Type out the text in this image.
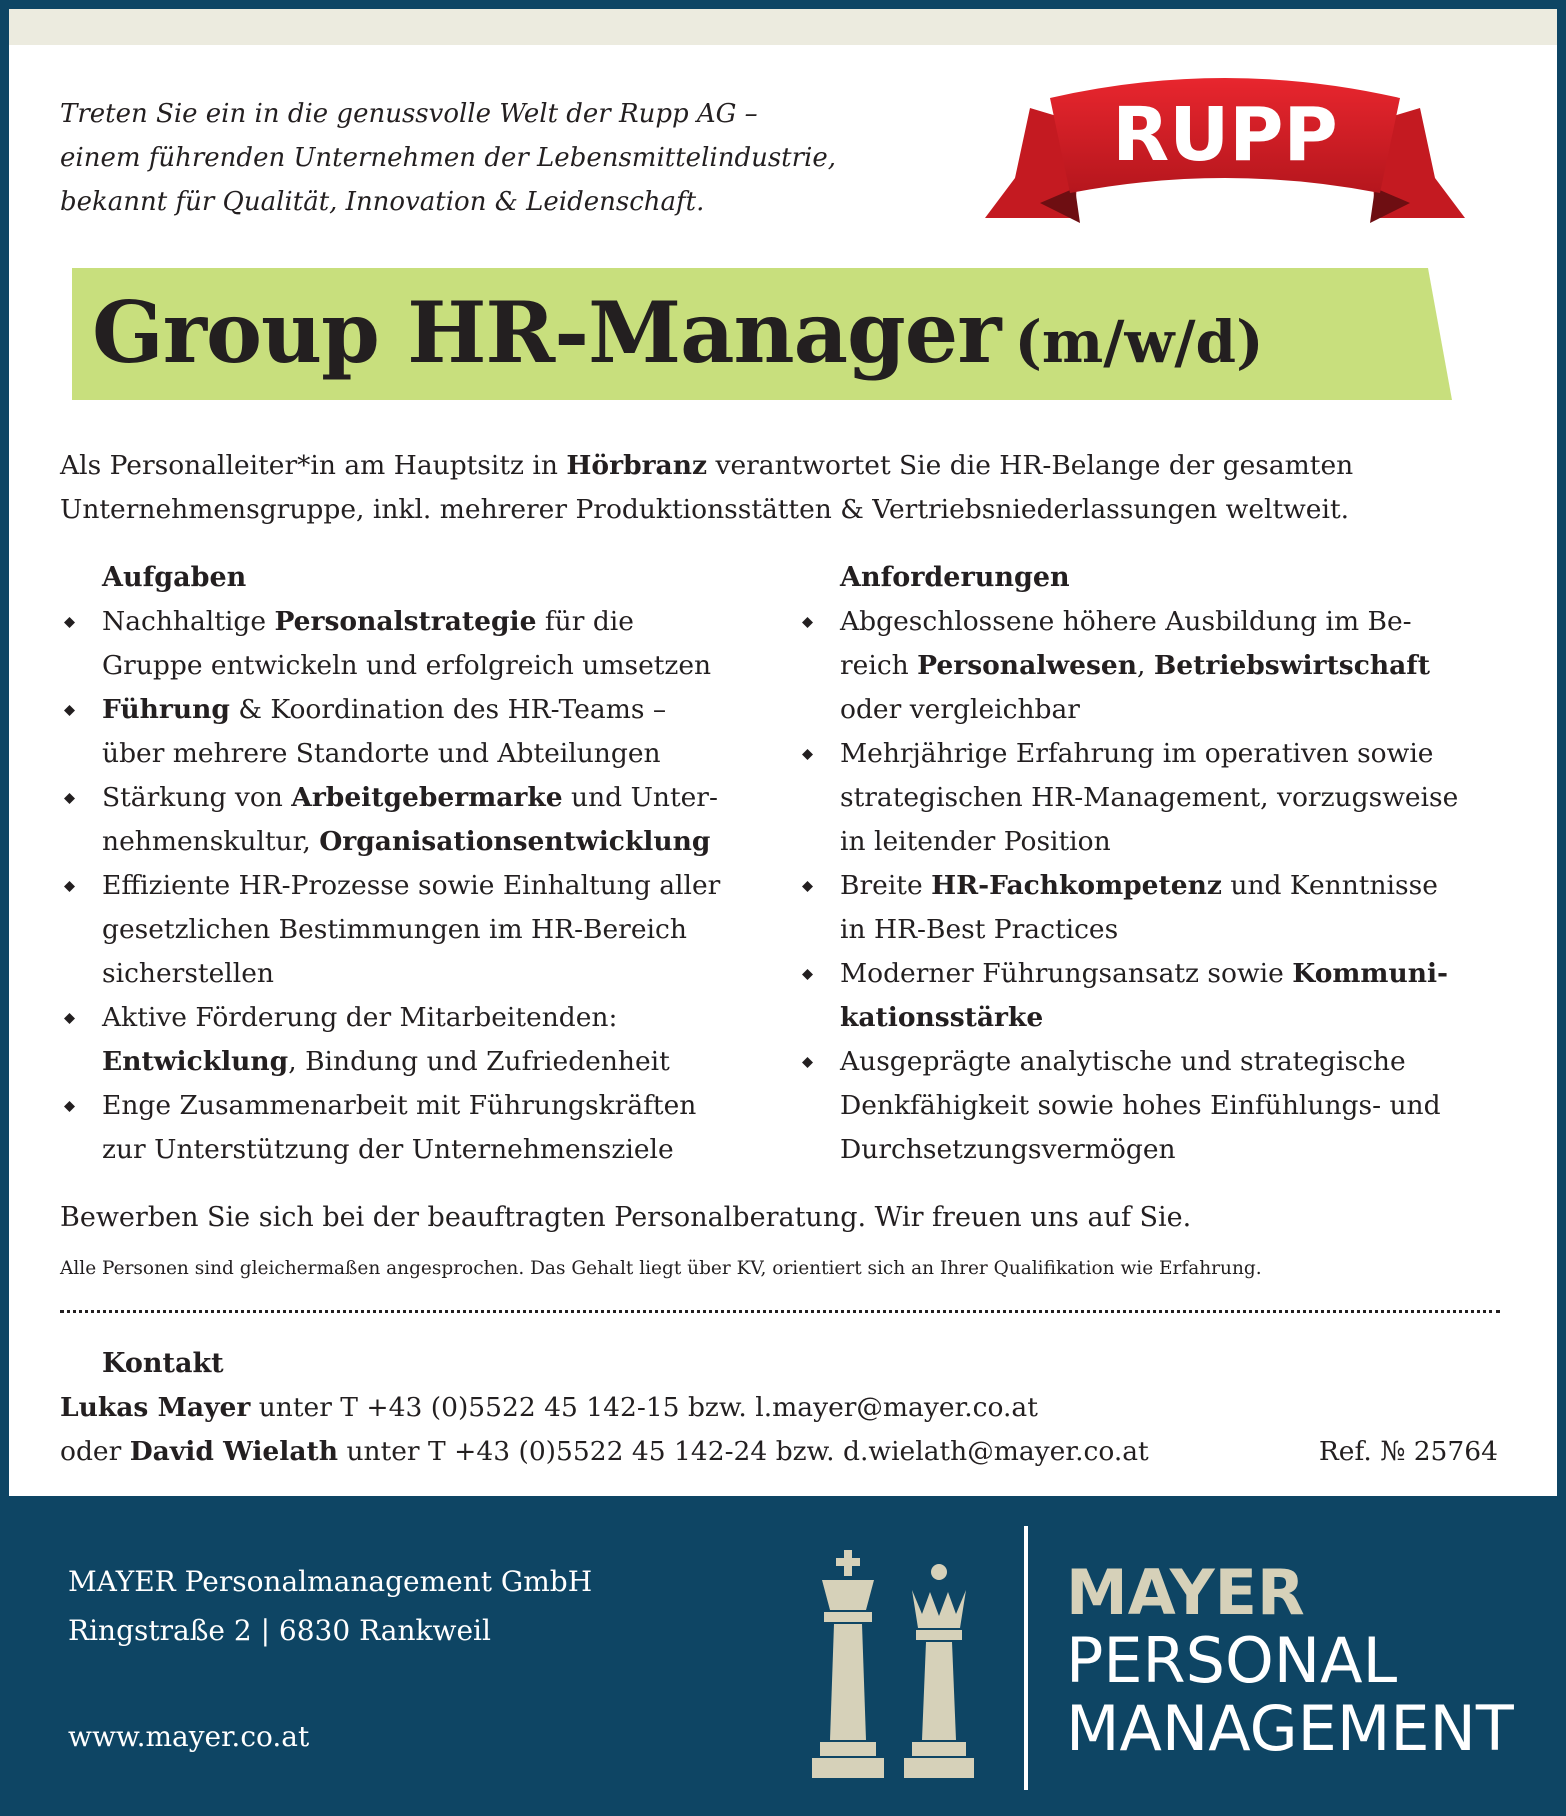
Treten Sie ein in die genussvolle Welt der Rupp AG –
einem führenden Unternehmen der Lebensmittelindustrie,
bekannt für Qualität, Innovation & Leidenschaft.
RUPP
Group HR-Manager (m/w/d)
Als Personalleiter*in am Hauptsitz in Hörbranz verantwortet Sie die HR-Belange der gesamten
Unternehmensgruppe, inkl. mehrerer Produktionsstätten & Vertriebsniederlassungen weltweit.
Aufgaben
Nachhaltige Personalstrategie für die
Gruppe entwickeln und erfolgreich umsetzen
Führung & Koordination des HR-Teams –
über mehrere Standorte und Abteilungen
Stärkung von Arbeitgebermarke und Unter-
nehmenskultur, Organisationsentwicklung
Effiziente HR-Prozesse sowie Einhaltung aller
gesetzlichen Bestimmungen im HR-Bereich
sicherstellen
Aktive Förderung der Mitarbeitenden:
Entwicklung, Bindung und Zufriedenheit
Enge Zusammenarbeit mit Führungskräften
zur Unterstützung der Unternehmensziele
Anforderungen
Abgeschlossene höhere Ausbildung im Be-
reich Personalwesen, Betriebswirtschaft
oder vergleichbar
Mehrjährige Erfahrung im operativen sowie
strategischen HR-Management, vorzugsweise
in leitender Position
Breite HR-Fachkompetenz und Kenntnisse
in HR-Best Practices
Moderner Führungsansatz sowie Kommuni-
kationsstärke
Ausgeprägte analytische und strategische
Denkfähigkeit sowie hohes Einfühlungs- und
Durchsetzungsvermögen
Bewerben Sie sich bei der beauftragten Personalberatung. Wir freuen uns auf Sie.
Alle Personen sind gleichermaßen angesprochen. Das Gehalt liegt über KV, orientiert sich an Ihrer Qualifikation wie Erfahrung.
Kontakt
Lukas Mayer unter T +43 (0)5522 45 142-15 bzw. l.mayer@mayer.co.at
oder David Wielath unter T +43 (0)5522 45 142-24 bzw. d.wielath@mayer.co.at	Ref. № 25764
MAYER Personalmanagement GmbH
Ringstraße 2 | 6830 Rankweil
www.mayer.co.at
MAYER
PERSONAL
MANAGEMENT
